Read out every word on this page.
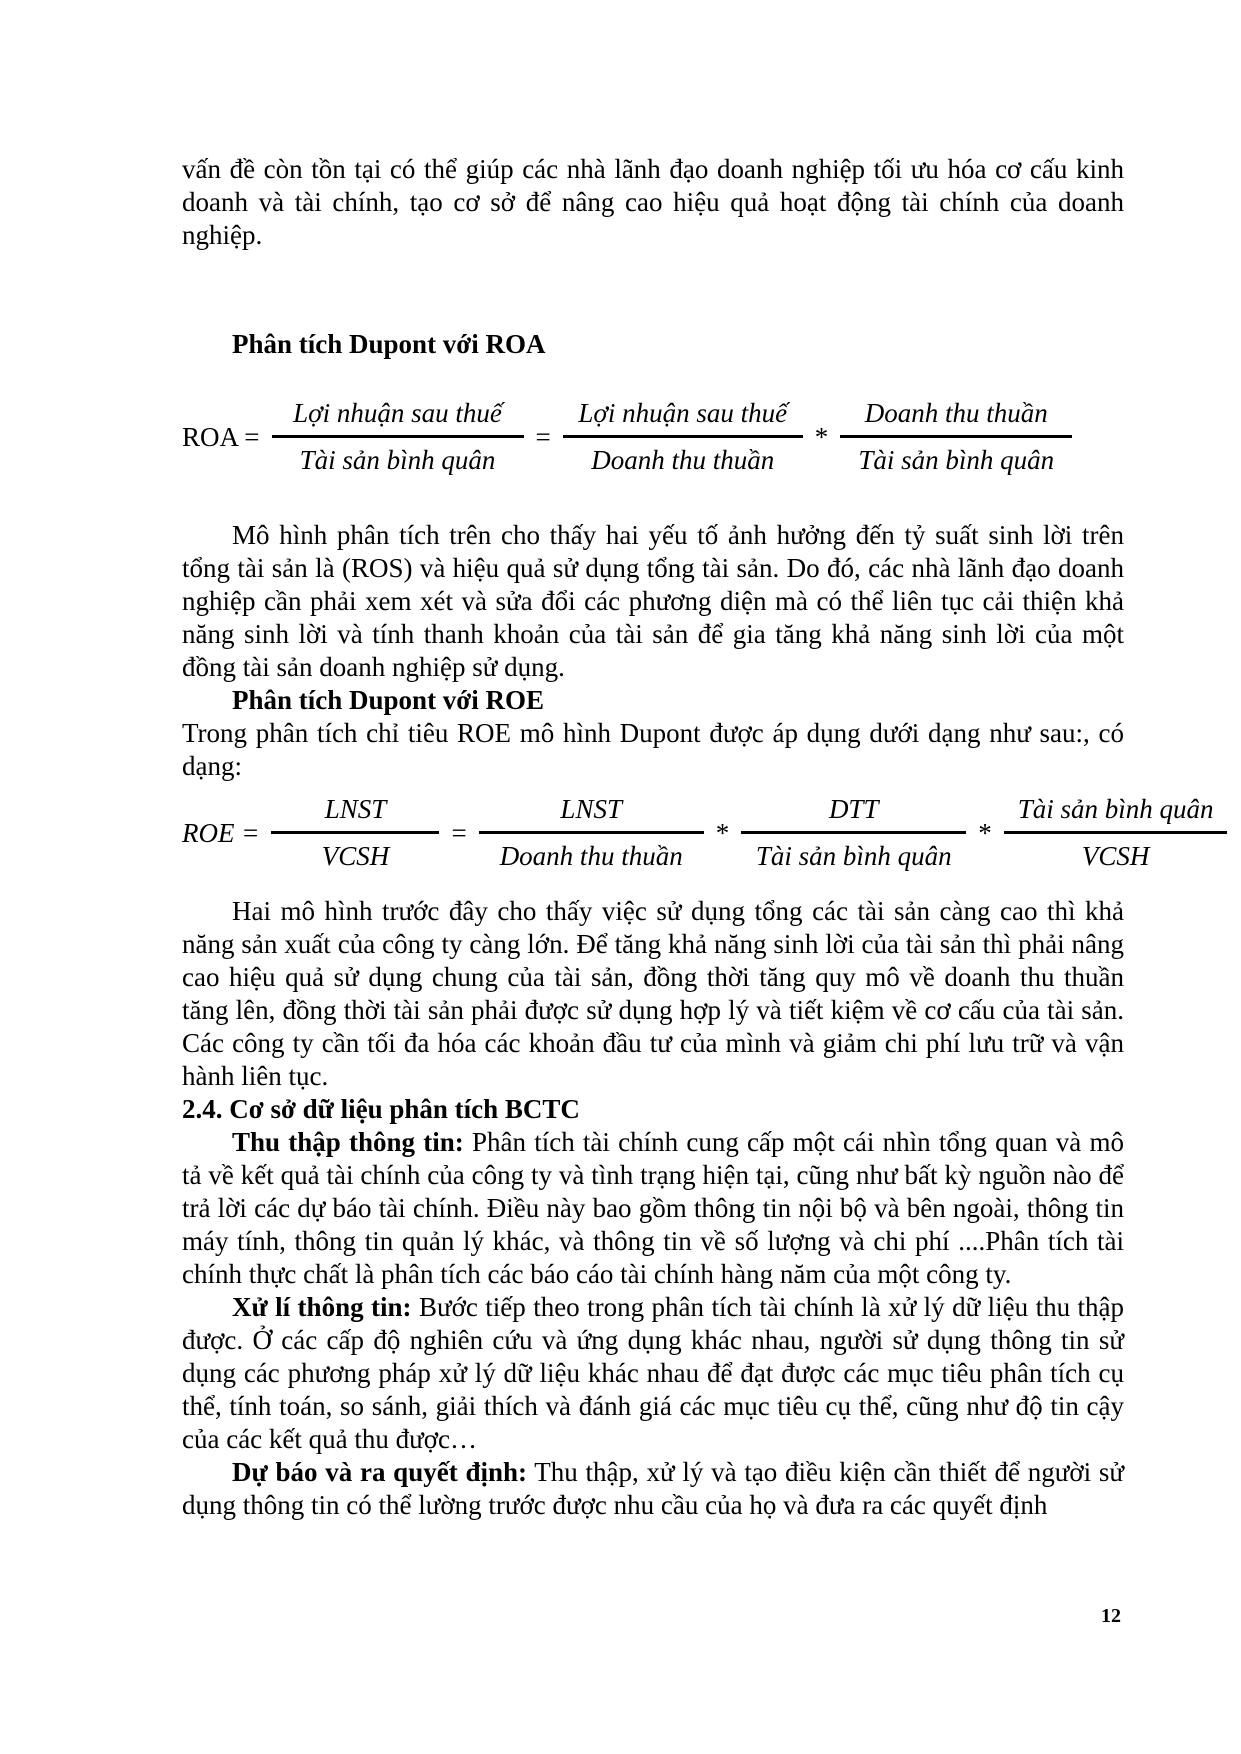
vấn đề còn tồn tại có thể giúp các nhà lãnh đạo doanh nghiệp tối ưu hóa cơ cấu kinh doanh và tài chính, tạo cơ sở để nâng cao hiệu quả hoạt động tài chính của doanh nghiệp.

Phân tích Dupont với ROA

ROA = $\frac{\text{Lợi nhuận sau thuế}}{\text{Tài sản bình quân}} = \frac{\text{Lợi nhuận sau thuế}}{\text{Doanh thu thuần}} * \frac{\text{Doanh thu thuần}}{\text{Tài sản bình quân}}$

Mô hình phân tích trên cho thấy hai yếu tố ảnh hưởng đến tỷ suất sinh lời trên tổng tài sản là (ROS) và hiệu quả sử dụng tổng tài sản. Do đó, các nhà lãnh đạo doanh nghiệp cần phải xem xét và sửa đổi các phương diện mà có thể liên tục cải thiện khả năng sinh lời và tính thanh khoản của tài sản để gia tăng khả năng sinh lời của một đồng tài sản doanh nghiệp sử dụng.

Phân tích Dupont với ROE

Trong phân tích chỉ tiêu ROE mô hình Dupont được áp dụng dưới dạng như sau:, có dạng:

ROE = $\frac{\text{LNST}}{\text{VCSH}} = \frac{\text{LNST}}{\text{Doanh thu thuần}} * \frac{\text{DTT}}{\text{Tài sản bình quân}} * \frac{\text{Tài sản bình quân}}{\text{VCSH}}$

Hai mô hình trước đây cho thấy việc sử dụng tổng các tài sản càng cao thì khả năng sản xuất của công ty càng lớn. Để tăng khả năng sinh lời của tài sản thì phải nâng cao hiệu quả sử dụng chung của tài sản, đồng thời tăng quy mô về doanh thu thuần tăng lên, đồng thời tài sản phải được sử dụng hợp lý và tiết kiệm về cơ cấu của tài sản. Các công ty cần tối đa hóa các khoản đầu tư của mình và giảm chi phí lưu trữ và vận hành liên tục.

2.4. Cơ sở dữ liệu phân tích BCTC

Thu thập thông tin: Phân tích tài chính cung cấp một cái nhìn tổng quan và mô tả về kết quả tài chính của công ty và tình trạng hiện tại, cũng như bất kỳ nguồn nào để trả lời các dự báo tài chính. Điều này bao gồm thông tin nội bộ và bên ngoài, thông tin máy tính, thông tin quản lý khác, và thông tin về số lượng và chi phí ....Phân tích tài chính thực chất là phân tích các báo cáo tài chính hàng năm của một công ty.

Xử lí thông tin: Bước tiếp theo trong phân tích tài chính là xử lý dữ liệu thu thập được. Ở các cấp độ nghiên cứu và ứng dụng khác nhau, người sử dụng thông tin sử dụng các phương pháp xử lý dữ liệu khác nhau để đạt được các mục tiêu phân tích cụ thể, tính toán, so sánh, giải thích và đánh giá các mục tiêu cụ thể, cũng như độ tin cậy của các kết quả thu được…

Dự báo và ra quyết định: Thu thập, xử lý và tạo điều kiện cần thiết để người sử dụng thông tin có thể lường trước được nhu cầu của họ và đưa ra các quyết định

12
